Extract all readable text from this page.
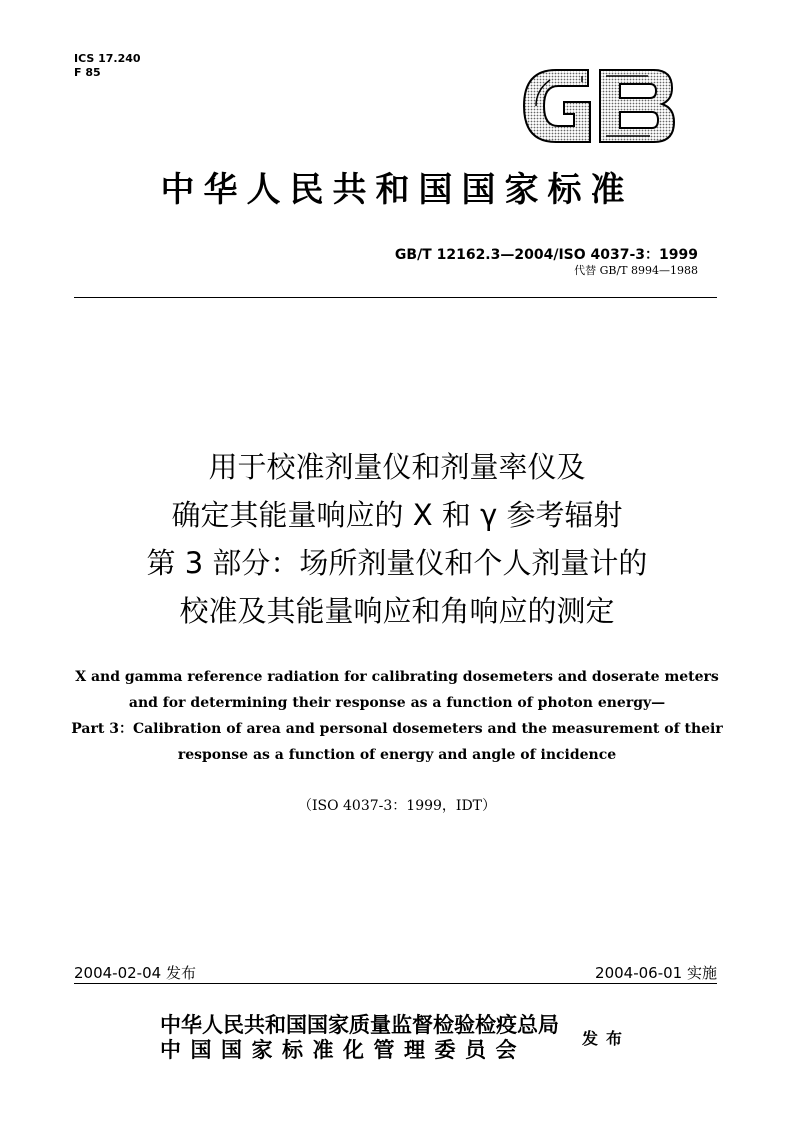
ICS 17.240
F 85
中华人民共和国国家标准
GB/T 12162.3—2004/ISO 4037-3：1999
代替 GB/T 8994—1988
用于校准剂量仪和剂量率仪及
确定其能量响应的 X 和 γ 参考辐射
第 3 部分：场所剂量仪和个人剂量计的
校准及其能量响应和角响应的测定
X and gamma reference radiation for calibrating dosemeters and doserate meters
and for determining their response as a function of photon energy—
Part 3：Calibration of area and personal dosemeters and the measurement of their
response as a function of energy and angle of incidence
（ISO 4037-3：1999，IDT）
2004-02-04 发布	2004-06-01 实施
中华人民共和国国家质量监督检验检疫总局
中国国家标准化管理委员会	发布
